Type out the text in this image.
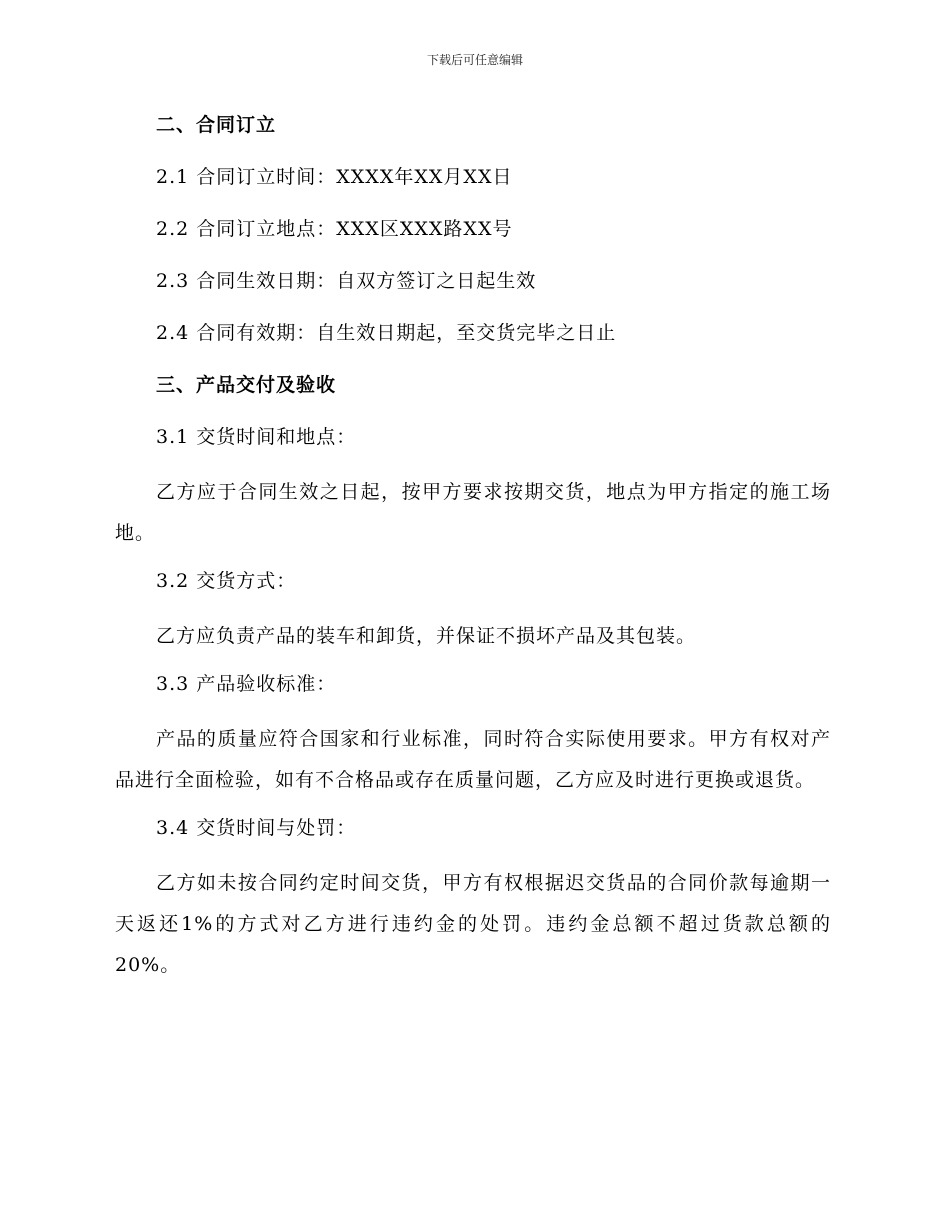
下载后可任意编辑
二、合同订立
2.1 合同订立时间：XXXX年XX月XX日
2.2 合同订立地点：XXX区XXX路XX号
2.3 合同生效日期：自双方签订之日起生效
2.4 合同有效期：自生效日期起，至交货完毕之日止
三、产品交付及验收
3.1 交货时间和地点：
乙方应于合同生效之日起，按甲方要求按期交货，地点为甲方指定的施工场地。
3.2 交货方式：
乙方应负责产品的装车和卸货，并保证不损坏产品及其包装。
3.3 产品验收标准：
产品的质量应符合国家和行业标准，同时符合实际使用要求。甲方有权对产品进行全面检验，如有不合格品或存在质量问题，乙方应及时进行更换或退货。
3.4 交货时间与处罚：
乙方如未按合同约定时间交货，甲方有权根据迟交货品的合同价款每逾期一天返还1%的方式对乙方进行违约金的处罚。违约金总额不超过货款总额的20%。
